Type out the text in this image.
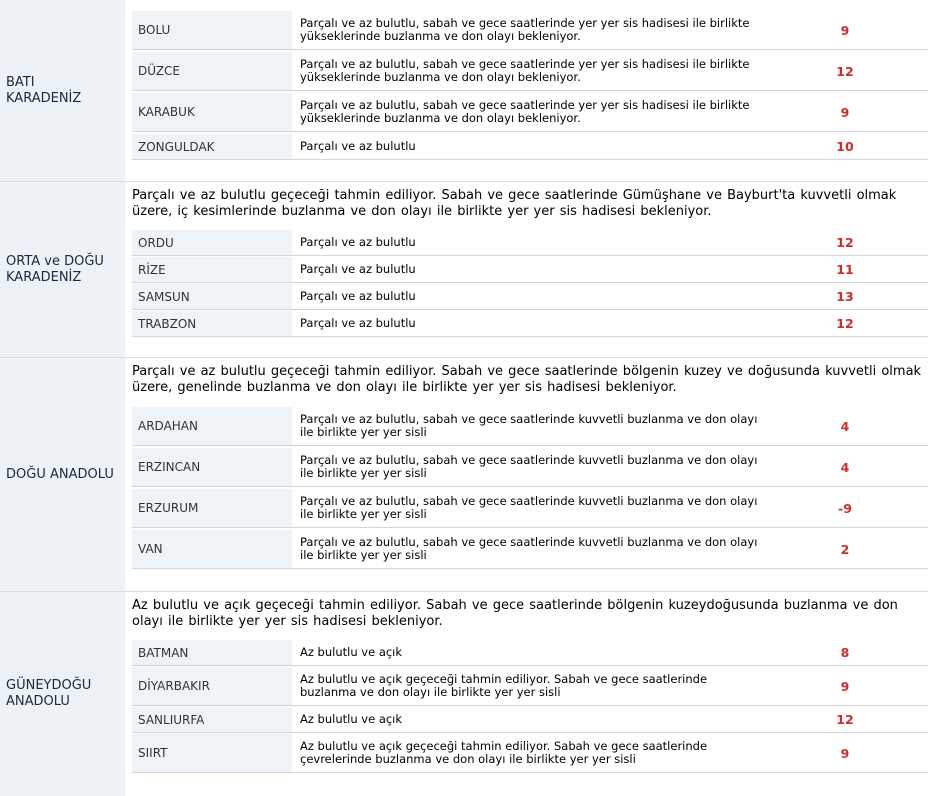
BATI KARADENİZ
BOLU	Parçalı ve az bulutlu, sabah ve gece saatlerinde yer yer sis hadisesi ile birlikte yükseklerinde buzlanma ve don olayı bekleniyor.	9
DÜZCE	Parçalı ve az bulutlu, sabah ve gece saatlerinde yer yer sis hadisesi ile birlikte yükseklerinde buzlanma ve don olayı bekleniyor.	12
KARABUK	Parçalı ve az bulutlu, sabah ve gece saatlerinde yer yer sis hadisesi ile birlikte yükseklerinde buzlanma ve don olayı bekleniyor.	9
ZONGULDAK	Parçalı ve az bulutlu	10
ORTA ve DOĞU KARADENİZ
Parçalı ve az bulutlu geçeceği tahmin ediliyor. Sabah ve gece saatlerinde Gümüşhane ve Bayburt'ta kuvvetli olmak üzere, iç kesimlerinde buzlanma ve don olayı ile birlikte yer yer sis hadisesi bekleniyor.
ORDU	Parçalı ve az bulutlu	12
RİZE	Parçalı ve az bulutlu	11
SAMSUN	Parçalı ve az bulutlu	13
TRABZON	Parçalı ve az bulutlu	12
DOĞU ANADOLU
Parçalı ve az bulutlu geçeceği tahmin ediliyor. Sabah ve gece saatlerinde bölgenin kuzey ve doğusunda kuvvetli olmak üzere, genelinde buzlanma ve don olayı ile birlikte yer yer sis hadisesi bekleniyor.
ARDAHAN	Parçalı ve az bulutlu, sabah ve gece saatlerinde kuvvetli buzlanma ve don olayı ile birlikte yer yer sisli	4
ERZINCAN	Parçalı ve az bulutlu, sabah ve gece saatlerinde kuvvetli buzlanma ve don olayı ile birlikte yer yer sisli	4
ERZURUM	Parçalı ve az bulutlu, sabah ve gece saatlerinde kuvvetli buzlanma ve don olayı ile birlikte yer yer sisli	-9
VAN	Parçalı ve az bulutlu, sabah ve gece saatlerinde kuvvetli buzlanma ve don olayı ile birlikte yer yer sisli	2
GÜNEYDOĞU ANADOLU
Az bulutlu ve açık geçeceği tahmin ediliyor. Sabah ve gece saatlerinde bölgenin kuzeydoğusunda buzlanma ve don olayı ile birlikte yer yer sis hadisesi bekleniyor.
BATMAN	Az bulutlu ve açık	8
DİYARBAKIR	Az bulutlu ve açık geçeceği tahmin ediliyor. Sabah ve gece saatlerinde buzlanma ve don olayı ile birlikte yer yer sisli	9
SANLIURFA	Az bulutlu ve açık	12
SIIRT	Az bulutlu ve açık geçeceği tahmin ediliyor. Sabah ve gece saatlerinde çevrelerinde buzlanma ve don olayı ile birlikte yer yer sisli	9
